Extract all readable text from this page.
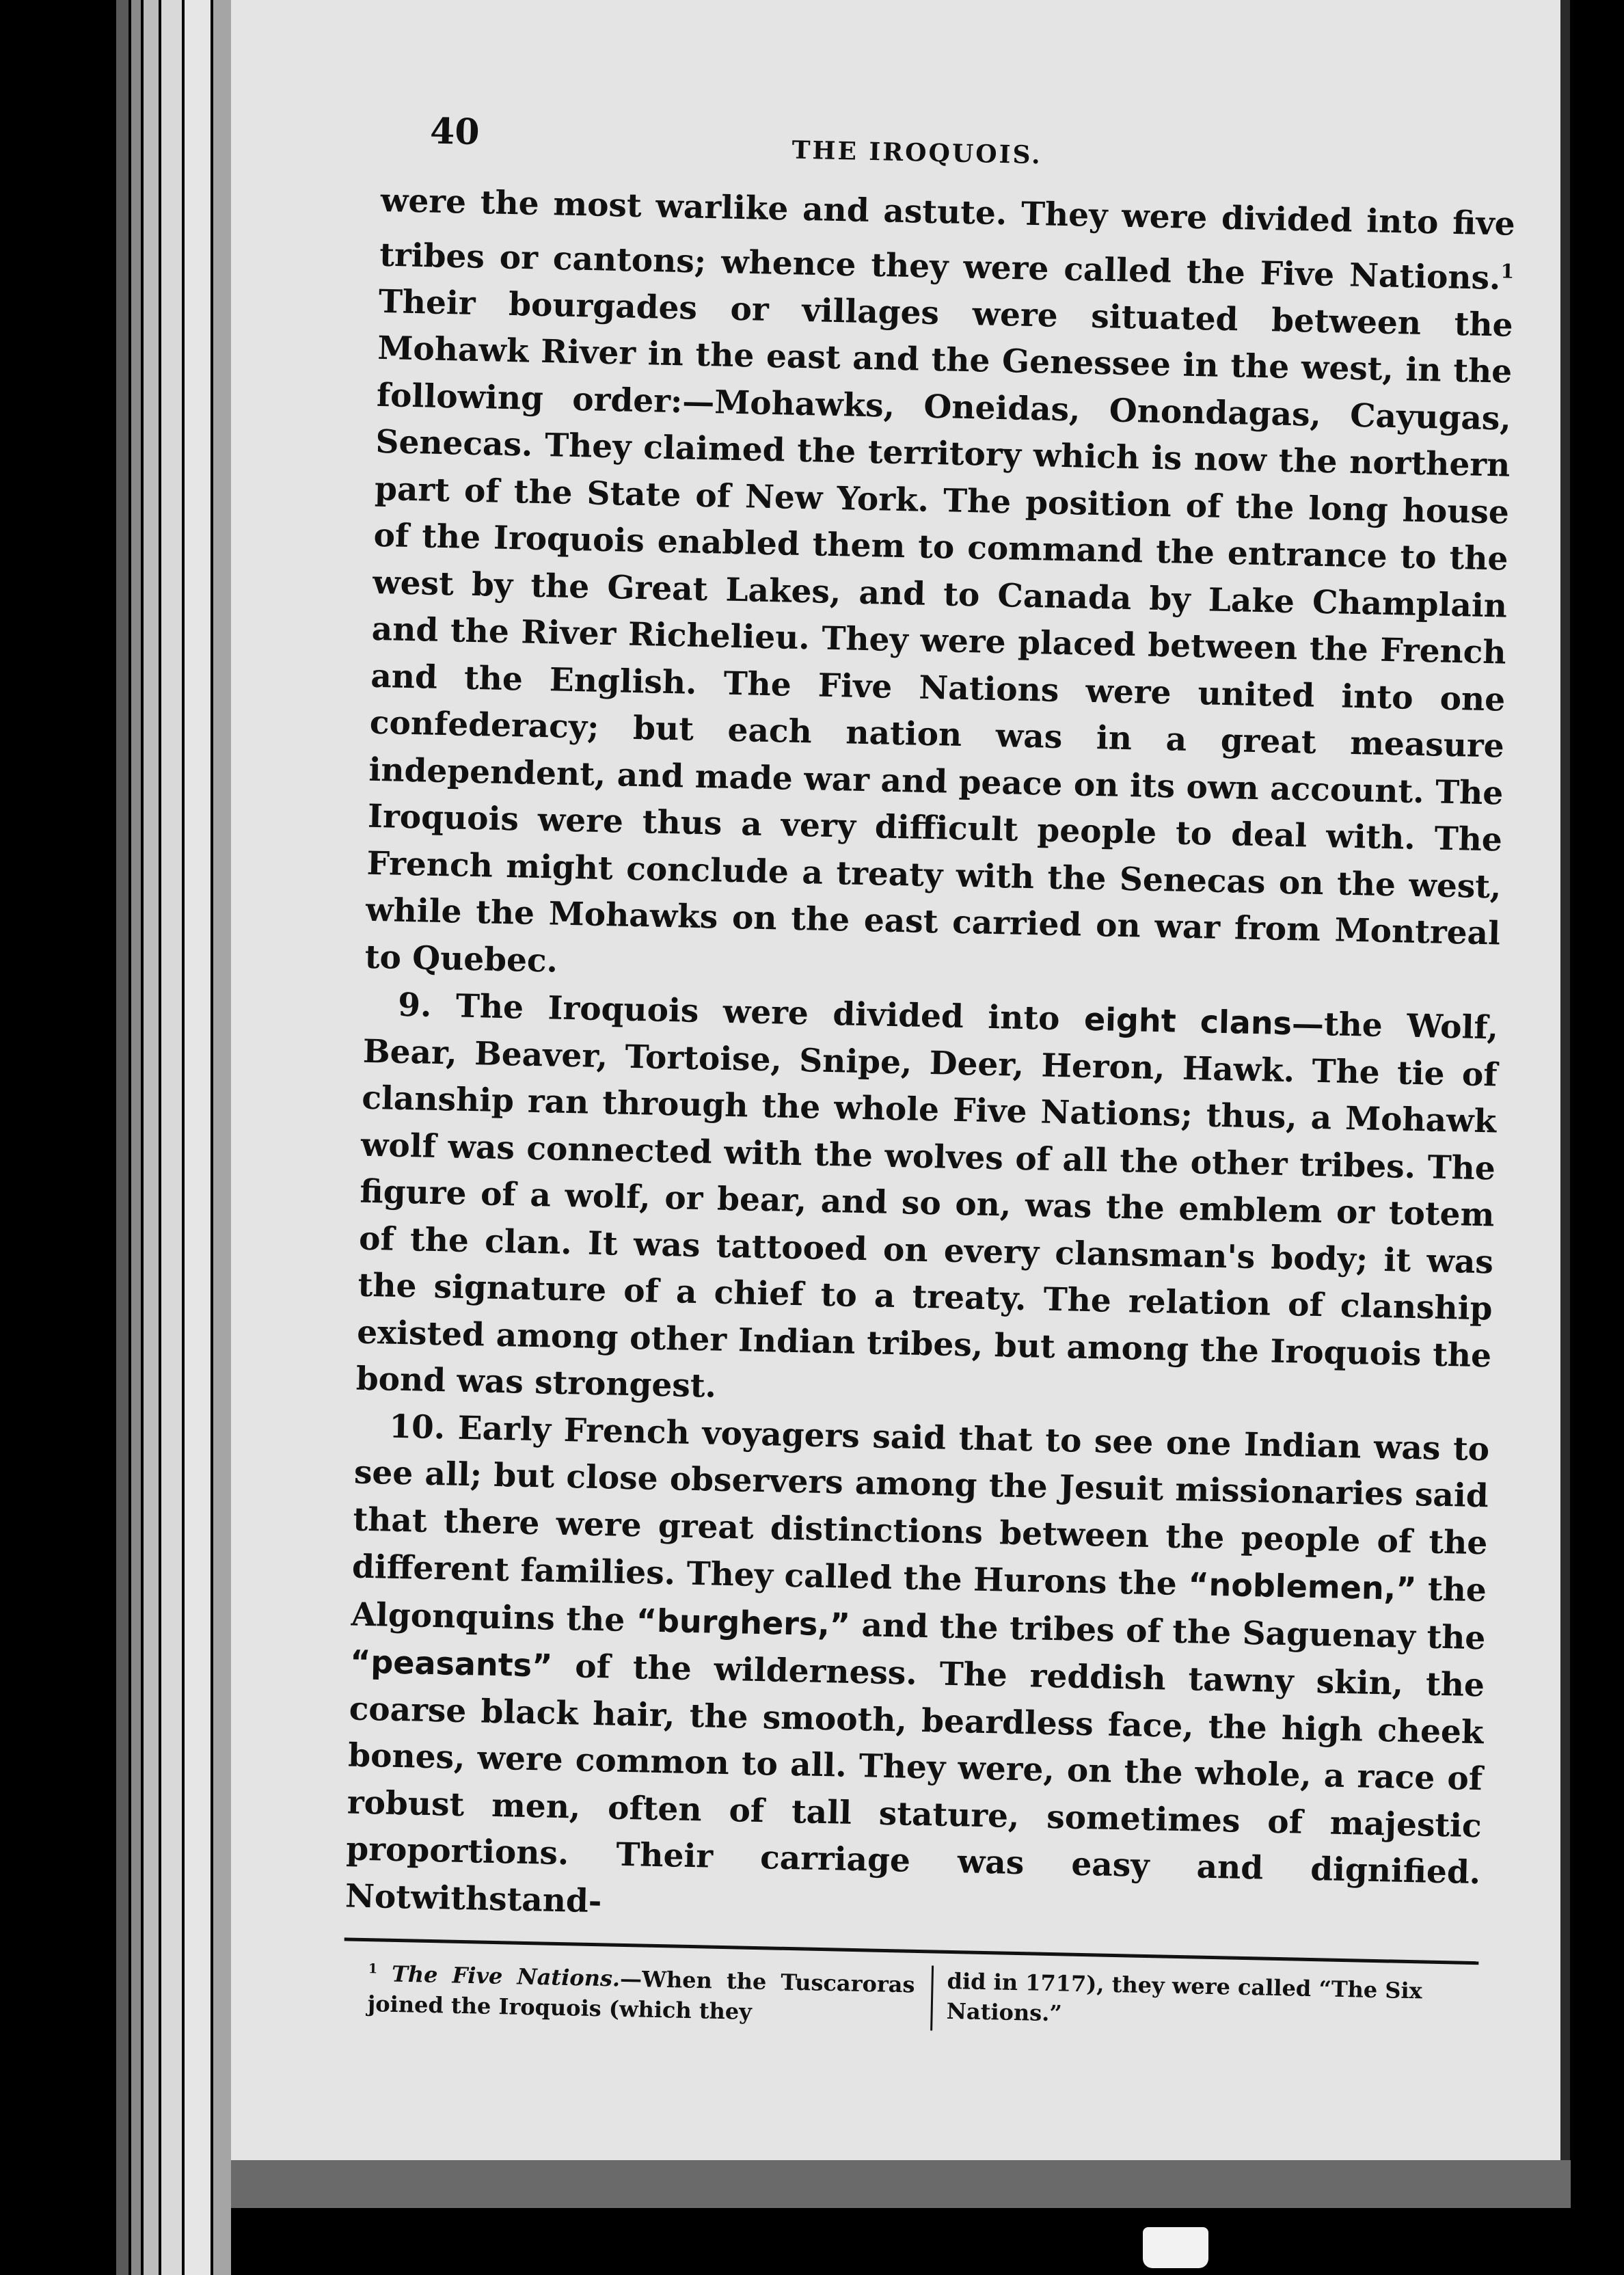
40	THE IROQUOIS.

were the most warlike and astute. They were divided into five tribes or cantons; whence they were called the Five Nations.$^1$ Their bourgades or villages were situated between the Mohawk River in the east and the Genessee in the west, in the following order:—Mohawks, Oneidas, Onondagas, Cayugas, Senecas. They claimed the territory which is now the northern part of the State of New York. The position of the long house of the Iroquois enabled them to command the entrance to the west by the Great Lakes, and to Canada by Lake Champlain and the River Richelieu. They were placed between the French and the English. The Five Nations were united into one confederacy; but each nation was in a great measure independent, and made war and peace on its own account. The Iroquois were thus a very difficult people to deal with. The French might conclude a treaty with the Senecas on the west, while the Mohawks on the east carried on war from Montreal to Quebec.

9. The Iroquois were divided into eight clans—the Wolf, Bear, Beaver, Tortoise, Snipe, Deer, Heron, Hawk. The tie of clanship ran through the whole Five Nations; thus, a Mohawk wolf was connected with the wolves of all the other tribes. The figure of a wolf, or bear, and so on, was the emblem or totem of the clan. It was tattooed on every clansman's body; it was the signature of a chief to a treaty. The relation of clanship existed among other Indian tribes, but among the Iroquois the bond was strongest.

10. Early French voyagers said that to see one Indian was to see all; but close observers among the Jesuit missionaries said that there were great distinctions between the people of the different families. They called the Hurons the “noblemen,” the Algonquins the “burghers,” and the tribes of the Saguenay the “peasants” of the wilderness. The reddish tawny skin, the coarse black hair, the smooth, beardless face, the high cheek bones, were common to all. They were, on the whole, a race of robust men, often of tall stature, sometimes of majestic proportions. Their carriage was easy and dignified. Notwithstand-

$^1$ The Five Nations.—When the Tuscaroras joined the Iroquois (which they
did in 1717), they were called “The Six Nations.”
